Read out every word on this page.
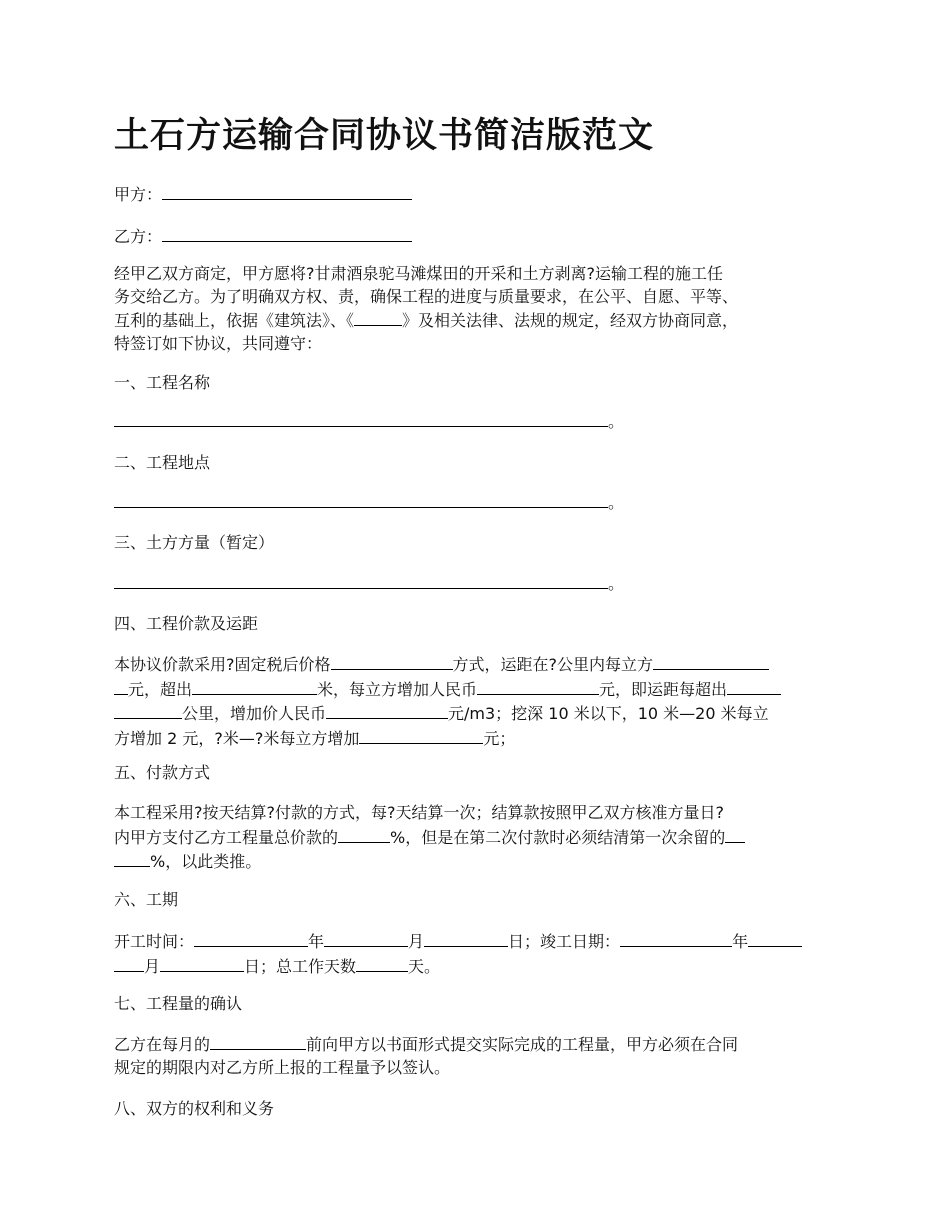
土石方运输合同协议书简洁版范文
甲方：
乙方：
经甲乙双方商定，甲方愿将?甘肃酒泉驼马滩煤田的开采和土方剥离?运输工程的施工任
务交给乙方。为了明确双方权、责，确保工程的进度与质量要求，在公平、自愿、平等、
互利的基础上，依据《建筑法》、《	》及相关法律、法规的规定，经双方协商同意，
特签订如下协议，共同遵守：
一、工程名称
。
二、工程地点
。
三、土方方量（暂定）
。
四、工程价款及运距
本协议价款采用?固定税后价格	方式，运距在?公里内每立方
元，超出	米，每立方增加人民币	元，即运距每超出
公里，增加价人民币	元/m3；挖深 10 米以下，10 米—20 米每立
方增加 2 元，?米—?米每立方增加	元；
五、付款方式
本工程采用?按天结算?付款的方式，每?天结算一次；结算款按照甲乙双方核准方量日?
内甲方支付乙方工程量总价款的	%，但是在第二次付款时必须结清第一次余留的
%，以此类推。
六、工期
开工时间：	年	月	日；竣工日期：	年
月	日；总工作天数	天。
七、工程量的确认
乙方在每月的	前向甲方以书面形式提交实际完成的工程量，甲方必须在合同
规定的期限内对乙方所上报的工程量予以签认。
八、双方的权利和义务
